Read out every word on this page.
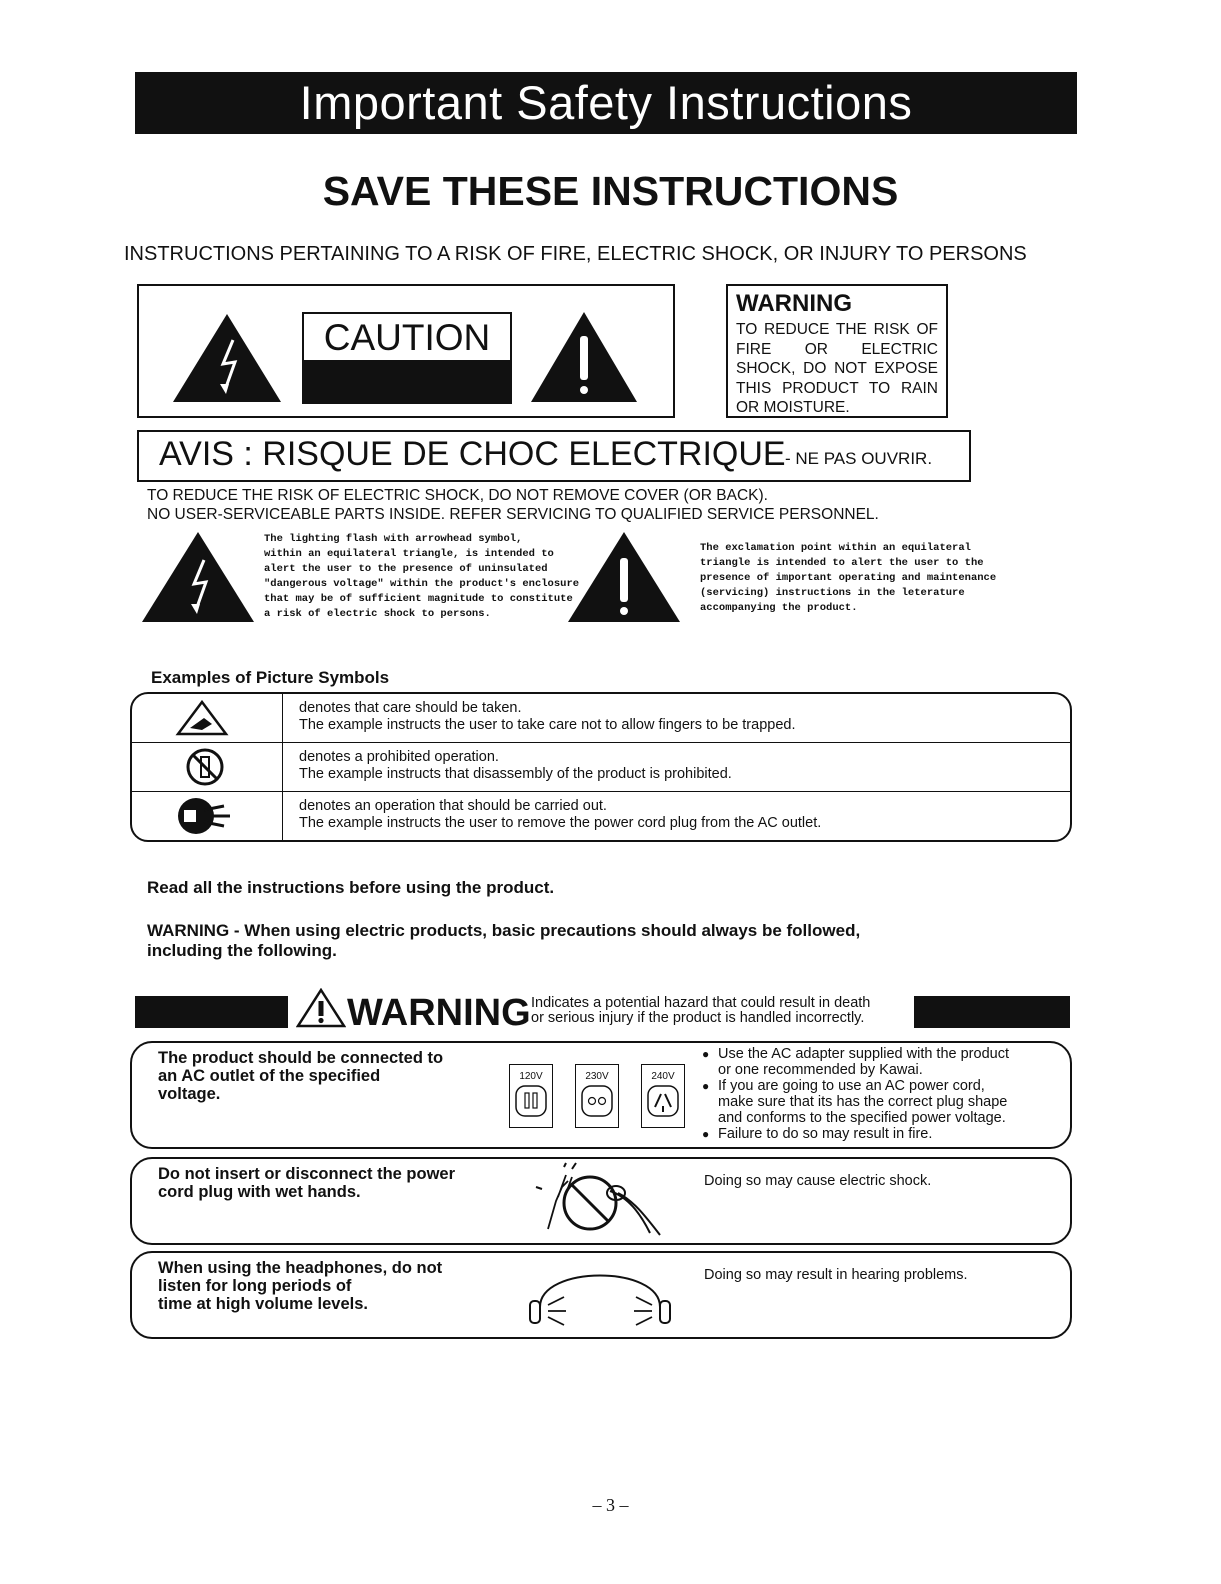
Important Safety Instructions
SAVE THESE INSTRUCTIONS
INSTRUCTIONS PERTAINING TO A RISK OF FIRE, ELECTRIC SHOCK, OR INJURY TO PERSONS
CAUTION
WARNING
TO REDUCE THE RISK OF FIRE OR ELECTRIC SHOCK, DO NOT EXPOSE THIS PRODUCT TO RAIN OR MOISTURE.
AVIS : RISQUE DE CHOC ELECTRIQUE - NE PAS OUVRIR.
TO REDUCE THE RISK OF ELECTRIC SHOCK, DO NOT REMOVE COVER (OR BACK).
NO USER-SERVICEABLE PARTS INSIDE. REFER SERVICING TO QUALIFIED SERVICE PERSONNEL.
The lighting flash with arrowhead symbol,
within an equilateral triangle, is intended to
alert the user to the presence of uninsulated
"dangerous voltage" within the product's enclosure
that may be of sufficient magnitude to constitute
a risk of electric shock to persons.
The exclamation point within an equilateral
triangle is intended to alert the user to the
presence of important operating and maintenance
(servicing) instructions in the leterature
accompanying the product.
Examples of Picture Symbols
denotes that care should be taken.
The example instructs the user to take care not to allow fingers to be trapped.
denotes a prohibited operation.
The example instructs that disassembly of the product is prohibited.
denotes an operation that should be carried out.
The example instructs the user to remove the power cord plug from the AC outlet.
Read all the instructions before using the product.
WARNING - When using electric products, basic precautions should always be followed,
including the following.
WARNING Indicates a potential hazard that could result in death
or serious injury if the product is handled incorrectly.
The product should be connected to
an AC outlet of the specified
voltage.
120V	230V	240V
● Use the AC adapter supplied with the product
or one recommended by Kawai.
● If you are going to use an AC power cord,
make sure that its has the correct plug shape
and conforms to the specified power voltage.
● Failure to do so may result in fire.
Do not insert or disconnect the power
cord plug with wet hands.
Doing so may cause electric shock.
When using the headphones, do not
listen for long periods of
time at high volume levels.
Doing so may result in hearing problems.
– 3 –
